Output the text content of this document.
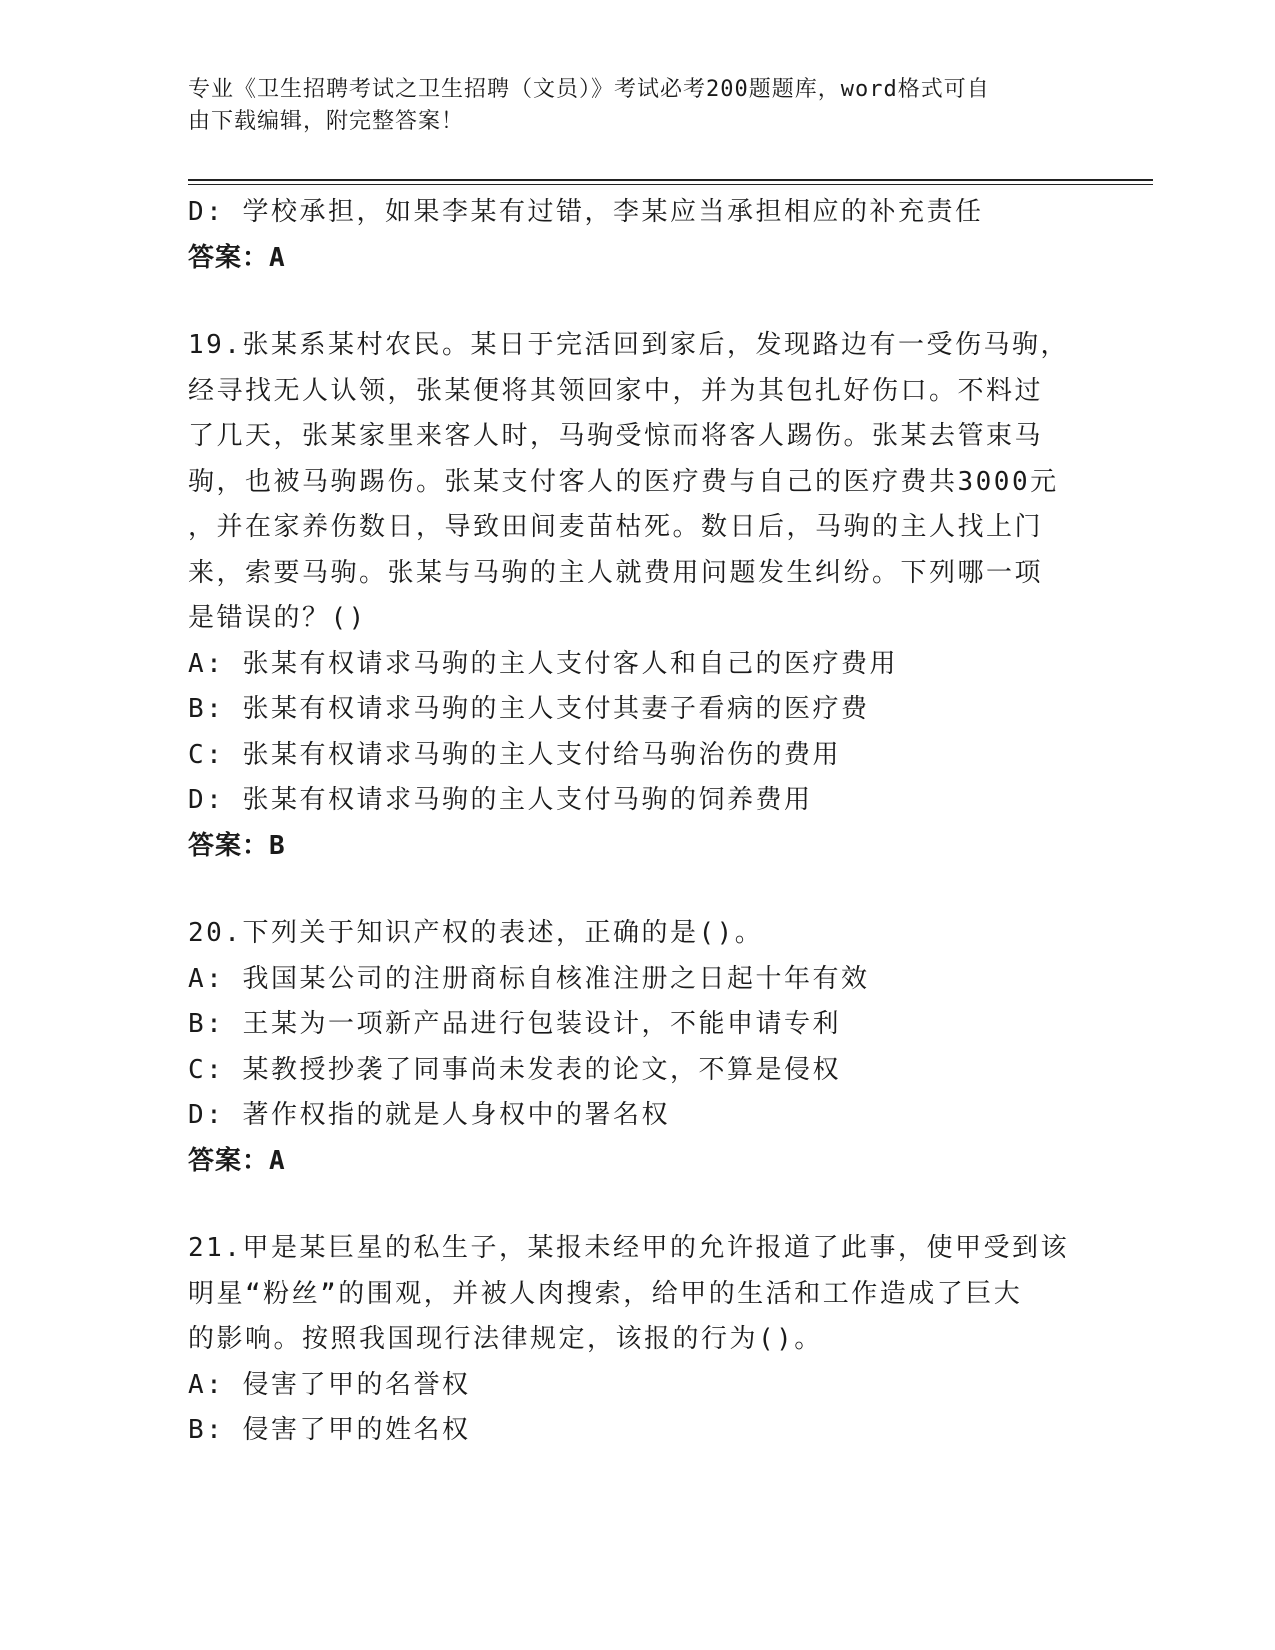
专业《卫生招聘考试之卫生招聘（文员）》考试必考200题题库，word格式可自
由下载编辑，附完整答案！
D: 学校承担，如果李某有过错，李某应当承担相应的补充责任
答案：A
19.张某系某村农民。某日于完活回到家后，发现路边有一受伤马驹，
经寻找无人认领，张某便将其领回家中，并为其包扎好伤口。不料过
了几天，张某家里来客人时，马驹受惊而将客人踢伤。张某去管束马
驹，也被马驹踢伤。张某支付客人的医疗费与自己的医疗费共3000元
，并在家养伤数日，导致田间麦苗枯死。数日后，马驹的主人找上门
来，索要马驹。张某与马驹的主人就费用问题发生纠纷。下列哪一项
是错误的？()
A: 张某有权请求马驹的主人支付客人和自己的医疗费用
B: 张某有权请求马驹的主人支付其妻子看病的医疗费
C: 张某有权请求马驹的主人支付给马驹治伤的费用
D: 张某有权请求马驹的主人支付马驹的饲养费用
答案：B
20.下列关于知识产权的表述，正确的是()。
A: 我国某公司的注册商标自核准注册之日起十年有效
B: 王某为一项新产品进行包装设计，不能申请专利
C: 某教授抄袭了同事尚未发表的论文，不算是侵权
D: 著作权指的就是人身权中的署名权
答案：A
21.甲是某巨星的私生子，某报未经甲的允许报道了此事，使甲受到该
明星“粉丝”的围观，并被人肉搜索，给甲的生活和工作造成了巨大
的影响。按照我国现行法律规定，该报的行为()。
A: 侵害了甲的名誉权
B: 侵害了甲的姓名权
